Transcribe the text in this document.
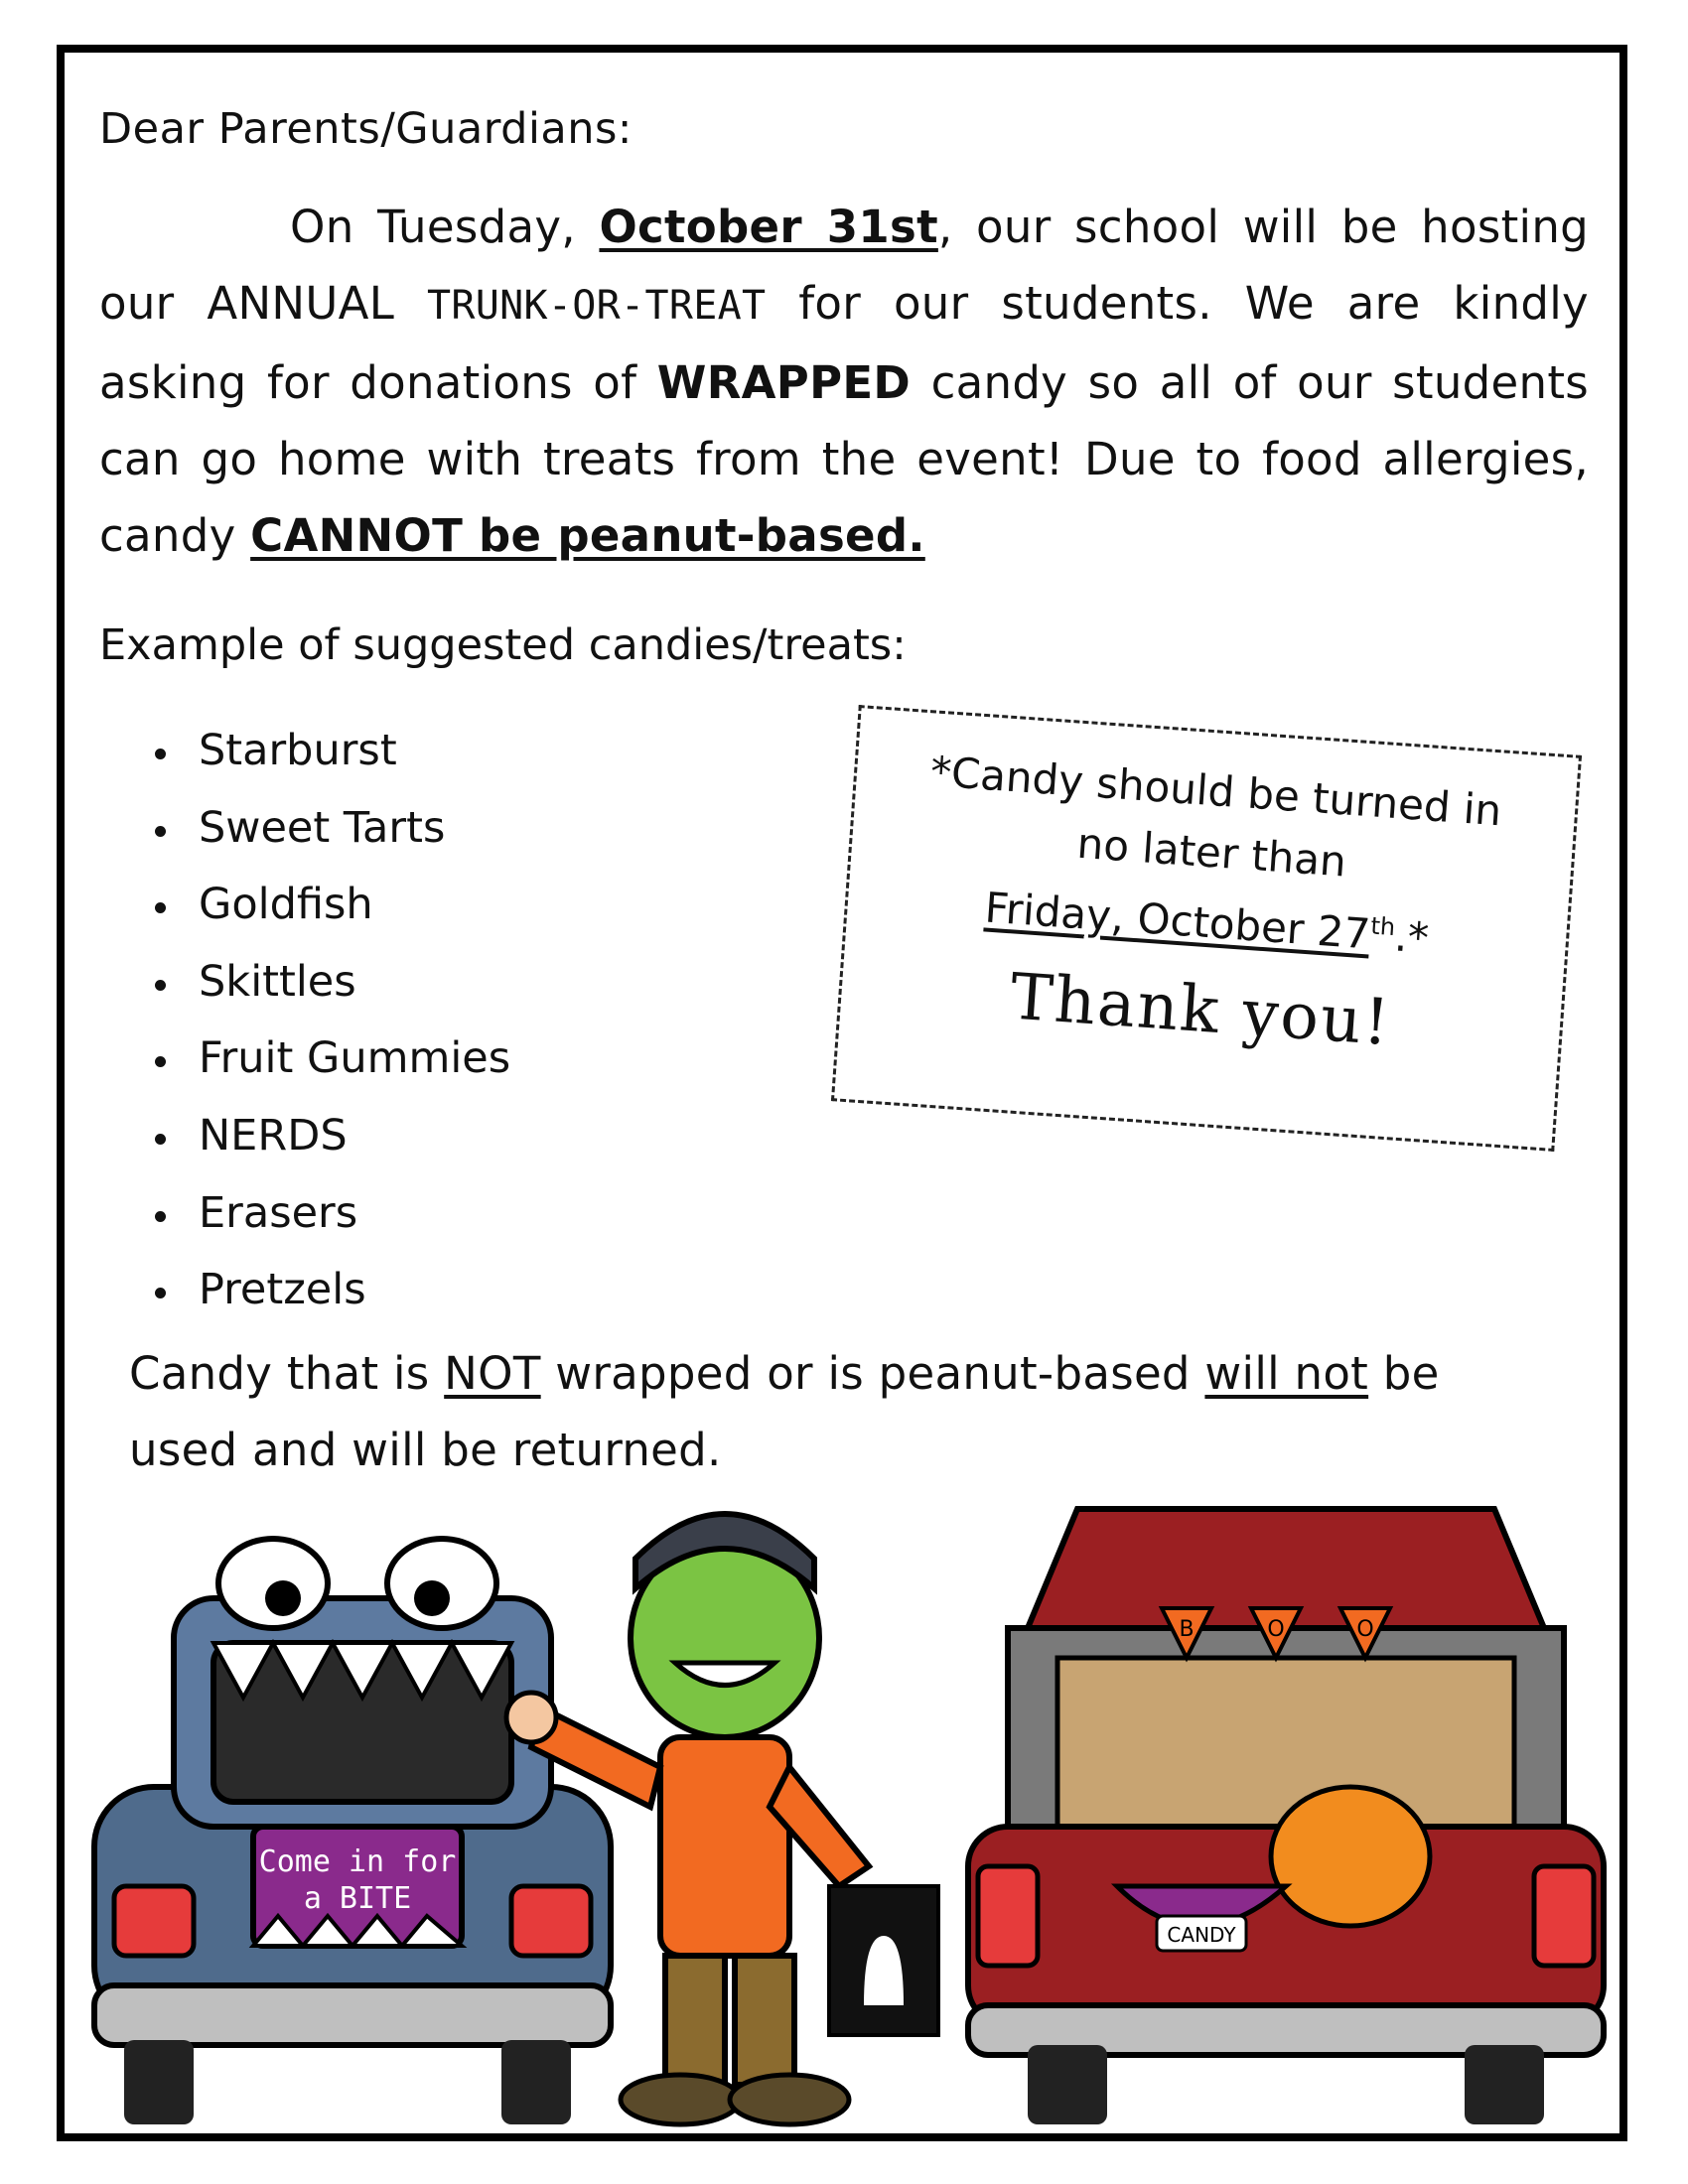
Dear Parents/Guardians:
On Tuesday, October 31st, our school will be hosting our ANNUAL TRUNK-OR-TREAT for our students. We are kindly asking for donations of WRAPPED candy so all of our students can go home with treats from the event! Due to food allergies, candy CANNOT be peanut-based.
Example of suggested candies/treats:
Starburst
Sweet Tarts
Goldfish
Skittles
Fruit Gummies
NERDS
Erasers
Pretzels
*Candy should be turned in
no later than
Friday, October 27th.*
Thank you!
Candy that is NOT wrapped or is peanut-based will not be used and will be returned.
Come in for
a BITE
B	O	O
CANDY
